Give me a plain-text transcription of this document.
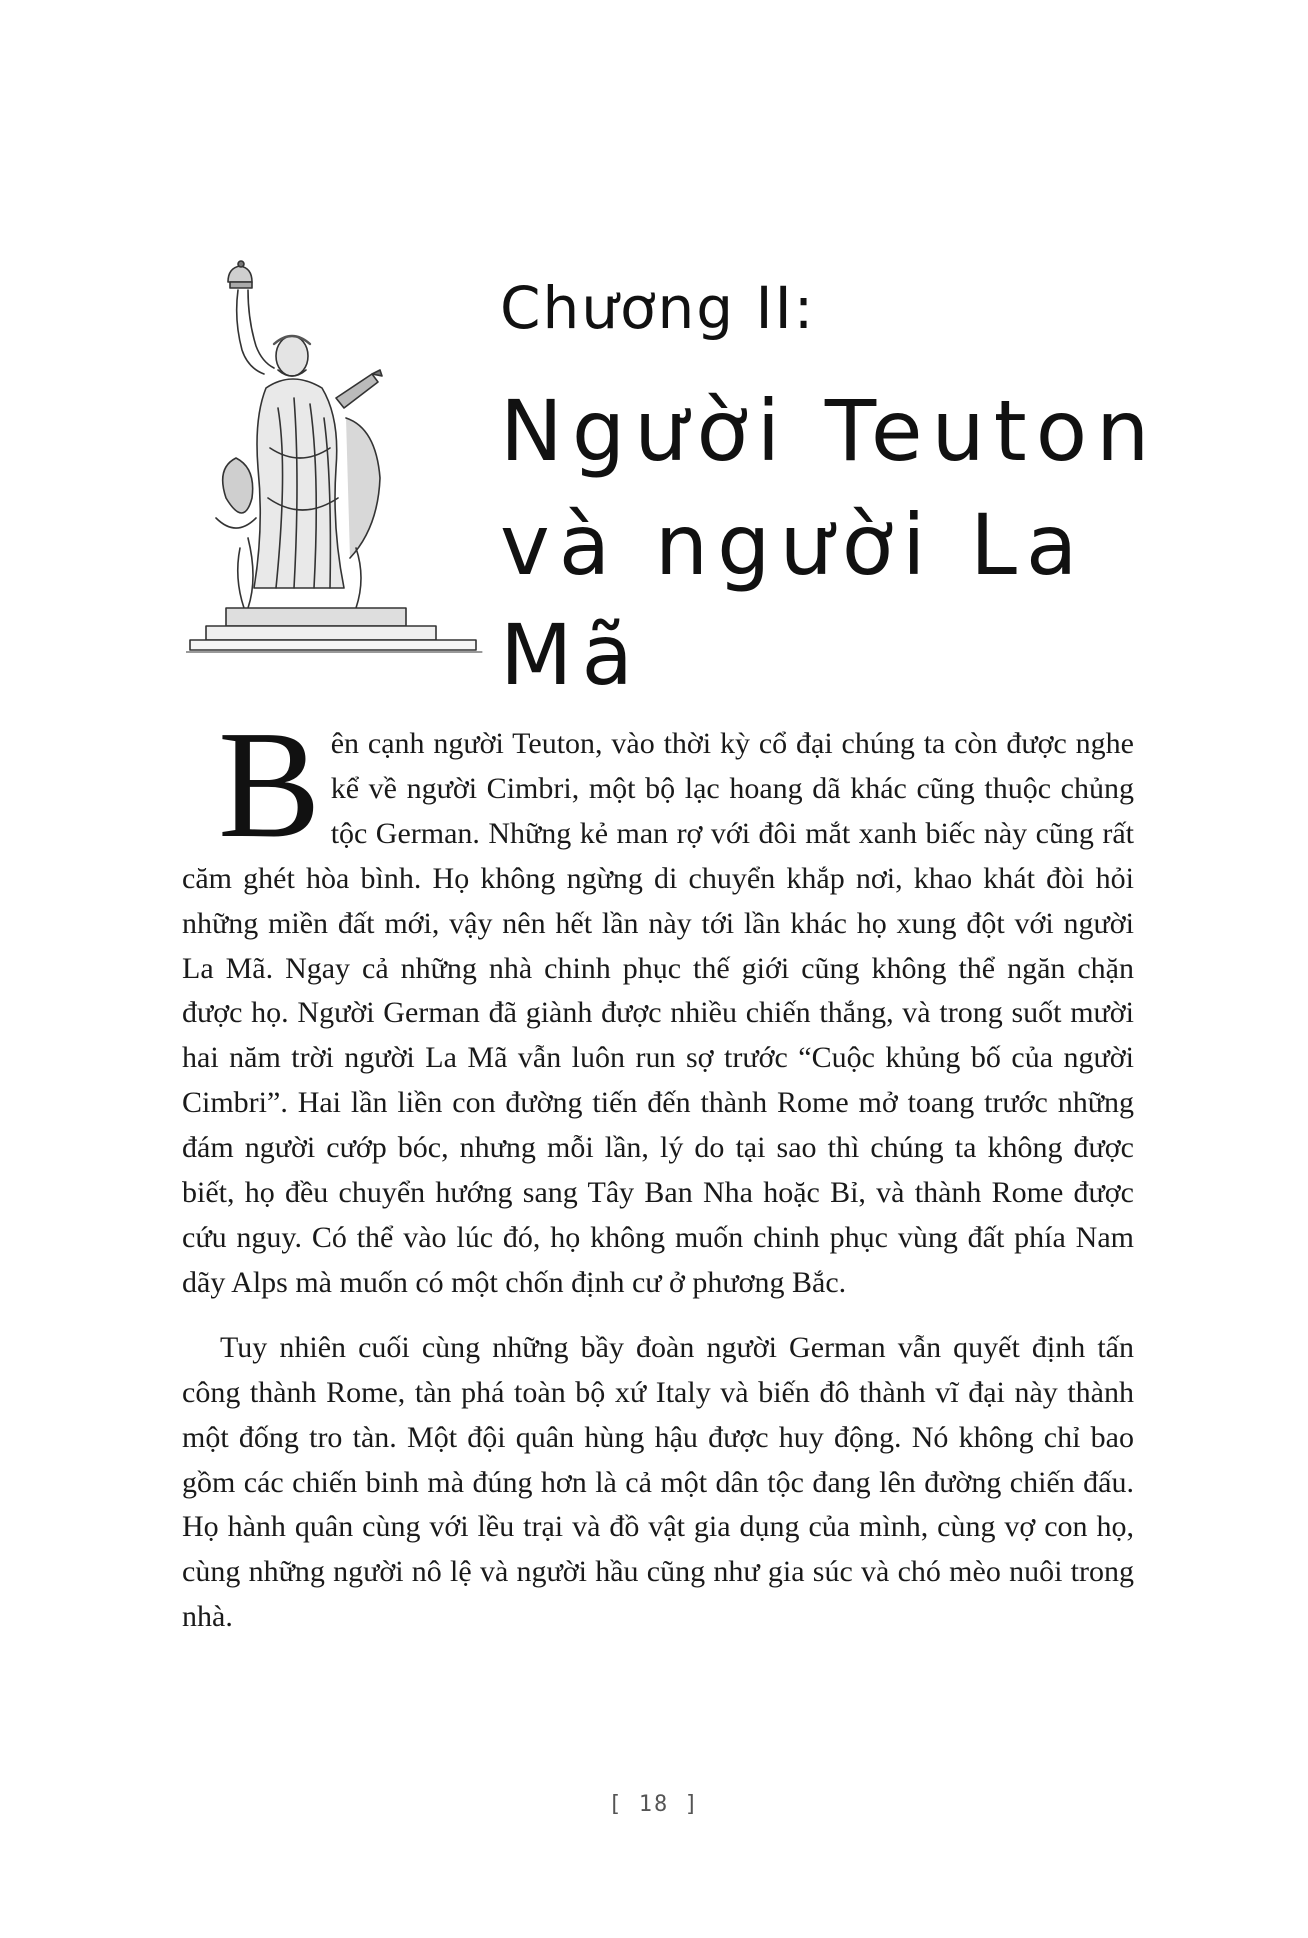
Chương II:
Người Teuton
và người La Mã

Bên cạnh người Teuton, vào thời kỳ cổ đại chúng ta còn được nghe kể về người Cimbri, một bộ lạc hoang dã khác cũng thuộc chủng tộc German. Những kẻ man rợ với đôi mắt xanh biếc này cũng rất căm ghét hòa bình. Họ không ngừng di chuyển khắp nơi, khao khát đòi hỏi những miền đất mới, vậy nên hết lần này tới lần khác họ xung đột với người La Mã. Ngay cả những nhà chinh phục thế giới cũng không thể ngăn chặn được họ. Người German đã giành được nhiều chiến thắng, và trong suốt mười hai năm trời người La Mã vẫn luôn run sợ trước “Cuộc khủng bố của người Cimbri”. Hai lần liền con đường tiến đến thành Rome mở toang trước những đám người cướp bóc, nhưng mỗi lần, lý do tại sao thì chúng ta không được biết, họ đều chuyển hướng sang Tây Ban Nha hoặc Bỉ, và thành Rome được cứu nguy. Có thể vào lúc đó, họ không muốn chinh phục vùng đất phía Nam dãy Alps mà muốn có một chốn định cư ở phương Bắc.

Tuy nhiên cuối cùng những bầy đoàn người German vẫn quyết định tấn công thành Rome, tàn phá toàn bộ xứ Italy và biến đô thành vĩ đại này thành một đống tro tàn. Một đội quân hùng hậu được huy động. Nó không chỉ bao gồm các chiến binh mà đúng hơn là cả một dân tộc đang lên đường chiến đấu. Họ hành quân cùng với lều trại và đồ vật gia dụng của mình, cùng vợ con họ, cùng những người nô lệ và người hầu cũng như gia súc và chó mèo nuôi trong nhà.

[ 18 ]
